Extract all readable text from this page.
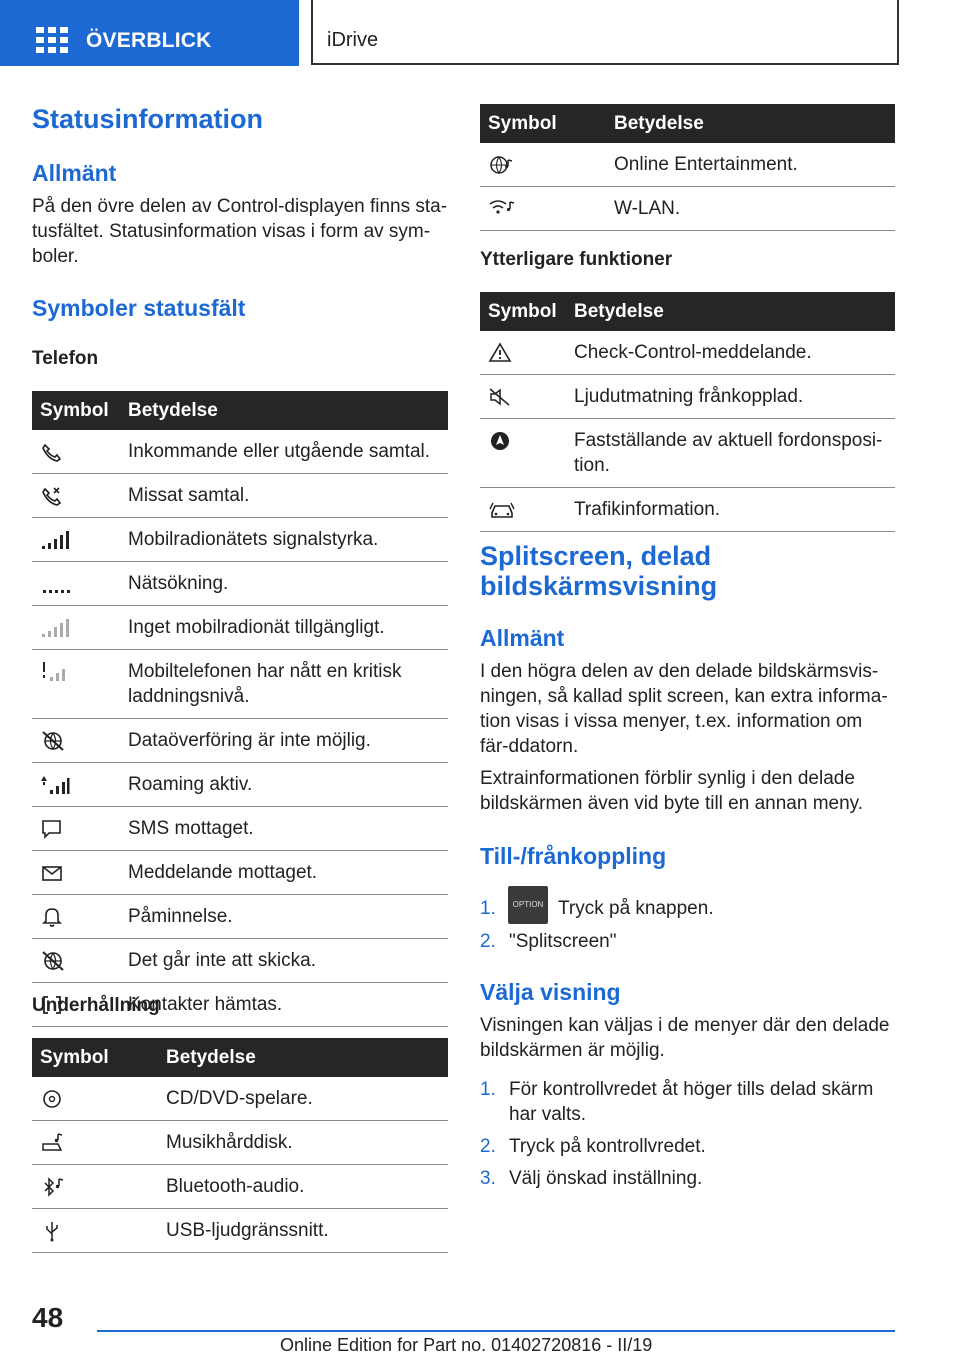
ÖVERBLICK	iDrive
Statusinformation
Allmänt
På den övre delen av Control-displayen finns sta‐tusfältet. Statusinformation visas i form av sym‐boler.
Symboler statusfält
Telefon
Symbol	Betydelse

	Inkommande eller utgående samtal.

	Missat samtal.

	Mobilradionätets signalstyrka.

	Nätsökning.

	Inget mobilradionät tillgängligt.

	Mobiltelefonen har nått en kritisk laddningsnivå.

	Dataöverföring är inte möjlig.

	Roaming aktiv.

	SMS mottaget.

	Meddelande mottaget.

	Påminnelse.

	Det går inte att skicka.

	Kontakter hämtas.
Underhållning
Symbol	Betydelse

	CD/DVD-spelare.

	Musikhårddisk.

	Bluetooth-audio.

	USB-ljudgränssnitt.
Symbol	Betydelse

	Online Entertainment.

	W-LAN.
Ytterligare funktioner
Symbol	Betydelse

	Check-Control-meddelande.

	Ljudutmatning frånkopplad.

	Fastställande av aktuell fordonsposi‐tion.

	Trafikinformation.
Splitscreen, delad bildskärmsvisning
Allmänt
I den högra delen av den delade bildskärmsvis‐ningen, så kallad split screen, kan extra informa‐tion visas i vissa menyer, t.ex. information om fär‐ddatorn.
Extrainformationen förblir synlig i den delade bildskärmen även vid byte till en annan meny.
Till-/frånkoppling
1.	OPTION Tryck på knappen.
2. "Splitscreen"
Välja visning
Visningen kan väljas i de menyer där den delade bildskärmen är möjlig.
1. För kontrollvredet åt höger tills delad skärm har valts.
2. Tryck på kontrollvredet.
3. Välj önskad inställning.
48
Online Edition for Part no. 01402720816 - II/19
